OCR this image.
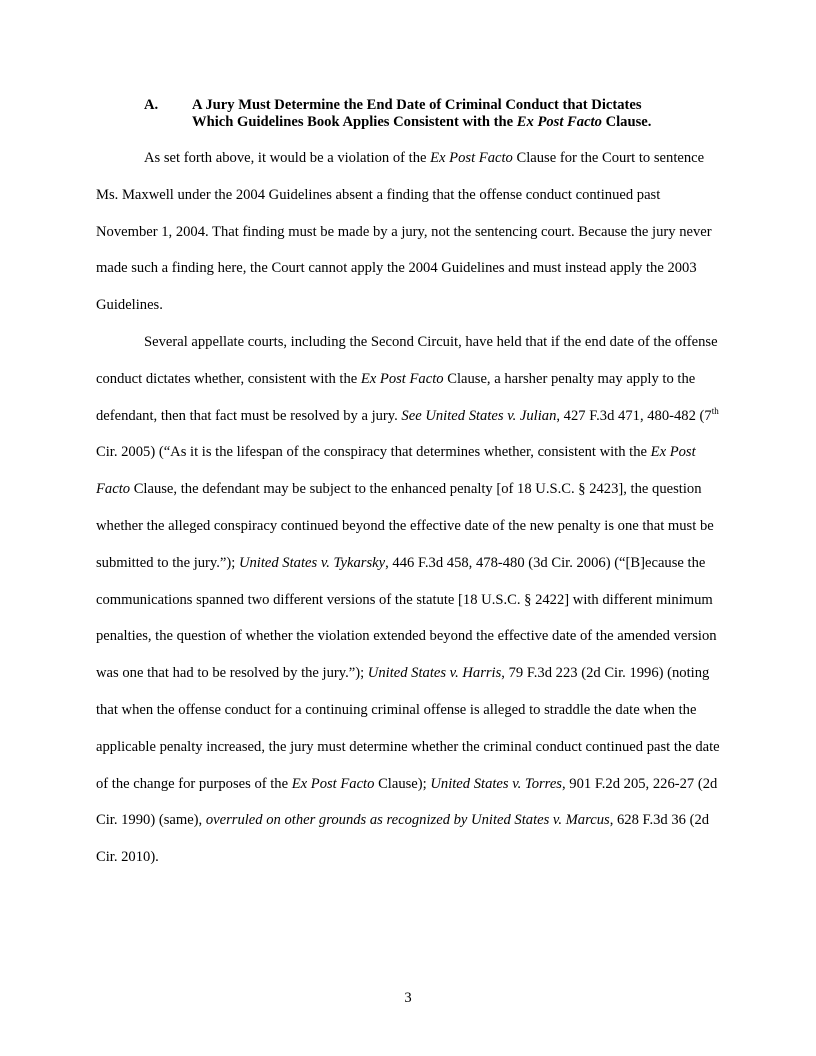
A.	A Jury Must Determine the End Date of Criminal Conduct that Dictates
Which Guidelines Book Applies Consistent with the Ex Post Facto Clause.

As set forth above, it would be a violation of the Ex Post Facto Clause for the Court to sentence Ms. Maxwell under the 2004 Guidelines absent a finding that the offense conduct continued past November 1, 2004. That finding must be made by a jury, not the sentencing court. Because the jury never made such a finding here, the Court cannot apply the 2004 Guidelines and must instead apply the 2003 Guidelines.

Several appellate courts, including the Second Circuit, have held that if the end date of the offense conduct dictates whether, consistent with the Ex Post Facto Clause, a harsher penalty may apply to the defendant, then that fact must be resolved by a jury. See United States v. Julian, 427 F.3d 471, 480-482 (7th Cir. 2005) (“As it is the lifespan of the conspiracy that determines whether, consistent with the Ex Post Facto Clause, the defendant may be subject to the enhanced penalty [of 18 U.S.C. § 2423], the question whether the alleged conspiracy continued beyond the effective date of the new penalty is one that must be submitted to the jury.”); United States v. Tykarsky, 446 F.3d 458, 478-480 (3d Cir. 2006) (“[B]ecause the communications spanned two different versions of the statute [18 U.S.C. § 2422] with different minimum penalties, the question of whether the violation extended beyond the effective date of the amended version was one that had to be resolved by the jury.”); United States v. Harris, 79 F.3d 223 (2d Cir. 1996) (noting that when the offense conduct for a continuing criminal offense is alleged to straddle the date when the applicable penalty increased, the jury must determine whether the criminal conduct continued past the date of the change for purposes of the Ex Post Facto Clause); United States v. Torres, 901 F.2d 205, 226-27 (2d Cir. 1990) (same), overruled on other grounds as recognized by United States v. Marcus, 628 F.3d 36 (2d Cir. 2010).

3
